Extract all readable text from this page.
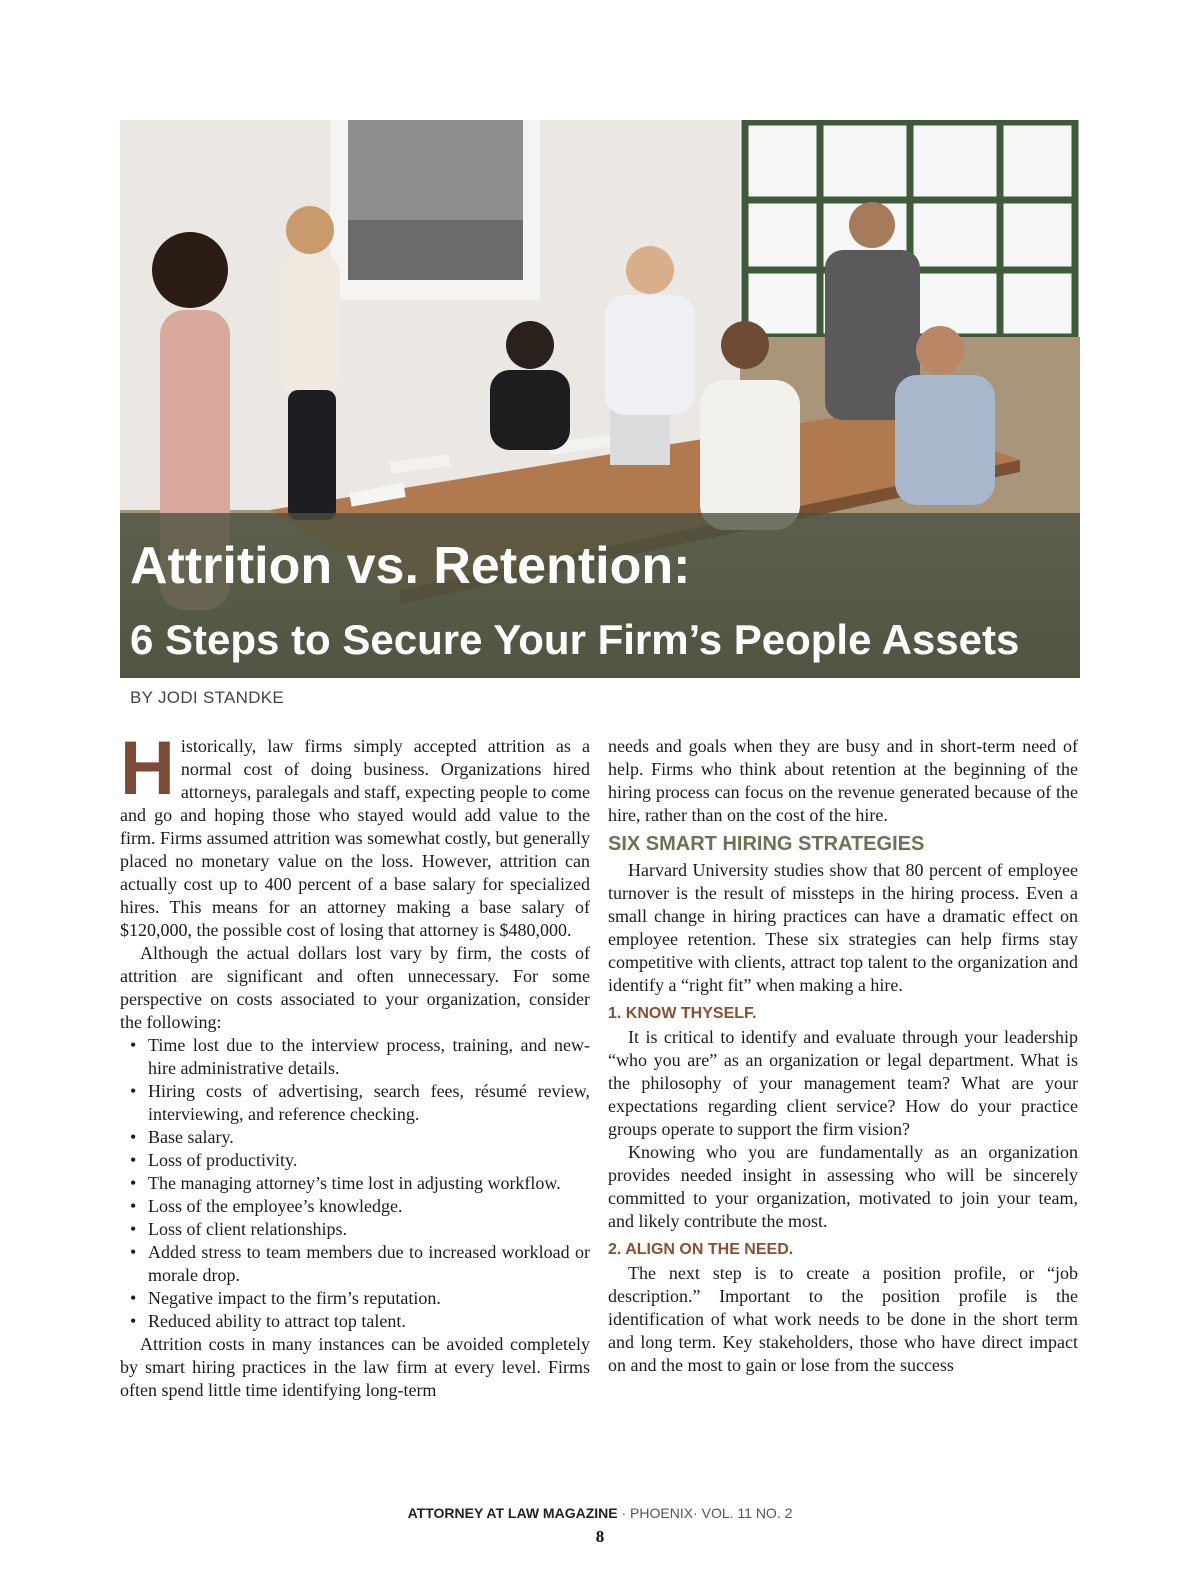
Attrition vs. Retention:
6 Steps to Secure Your Firm’s People Assets
BY JODI STANDKE

Historically, law firms simply accepted attrition as a normal cost of doing business. Organizations hired attorneys, paralegals and staff, expecting people to come and go and hoping those who stayed would add value to the firm. Firms assumed attrition was somewhat costly, but generally placed no monetary value on the loss. However, attrition can actually cost up to 400 percent of a base salary for specialized hires. This means for an attorney making a base salary of $120,000, the possible cost of losing that attorney is $480,000.

Although the actual dollars lost vary by firm, the costs of attrition are significant and often unnecessary. For some perspective on costs associated to your organization, consider the following:

• Time lost due to the interview process, training, and new-hire administrative details.
• Hiring costs of advertising, search fees, résumé review, interviewing, and reference checking.
• Base salary.
• Loss of productivity.
• The managing attorney’s time lost in adjusting workflow.
• Loss of the employee’s knowledge.
• Loss of client relationships.
• Added stress to team members due to increased workload or morale drop.
• Negative impact to the firm’s reputation.
• Reduced ability to attract top talent.

Attrition costs in many instances can be avoided completely by smart hiring practices in the law firm at every level. Firms often spend little time identifying long-term

needs and goals when they are busy and in short-term need of help. Firms who think about retention at the beginning of the hiring process can focus on the revenue generated because of the hire, rather than on the cost of the hire.

SIX SMART HIRING STRATEGIES

Harvard University studies show that 80 percent of employee turnover is the result of missteps in the hiring process. Even a small change in hiring practices can have a dramatic effect on employee retention. These six strategies can help firms stay competitive with clients, attract top talent to the organization and identify a “right fit” when making a hire.

1. KNOW THYSELF.

It is critical to identify and evaluate through your leadership “who you are” as an organization or legal department. What is the philosophy of your management team? What are your expectations regarding client service? How do your practice groups operate to support the firm vision?

Knowing who you are fundamentally as an organization provides needed insight in assessing who will be sincerely committed to your organization, motivated to join your team, and likely contribute the most.

2. ALIGN ON THE NEED.

The next step is to create a position profile, or “job description.” Important to the position profile is the identification of what work needs to be done in the short term and long term. Key stakeholders, those who have direct impact on and the most to gain or lose from the success

ATTORNEY AT LAW MAGAZINE · PHOENIX· VOL. 11 NO. 2
8
